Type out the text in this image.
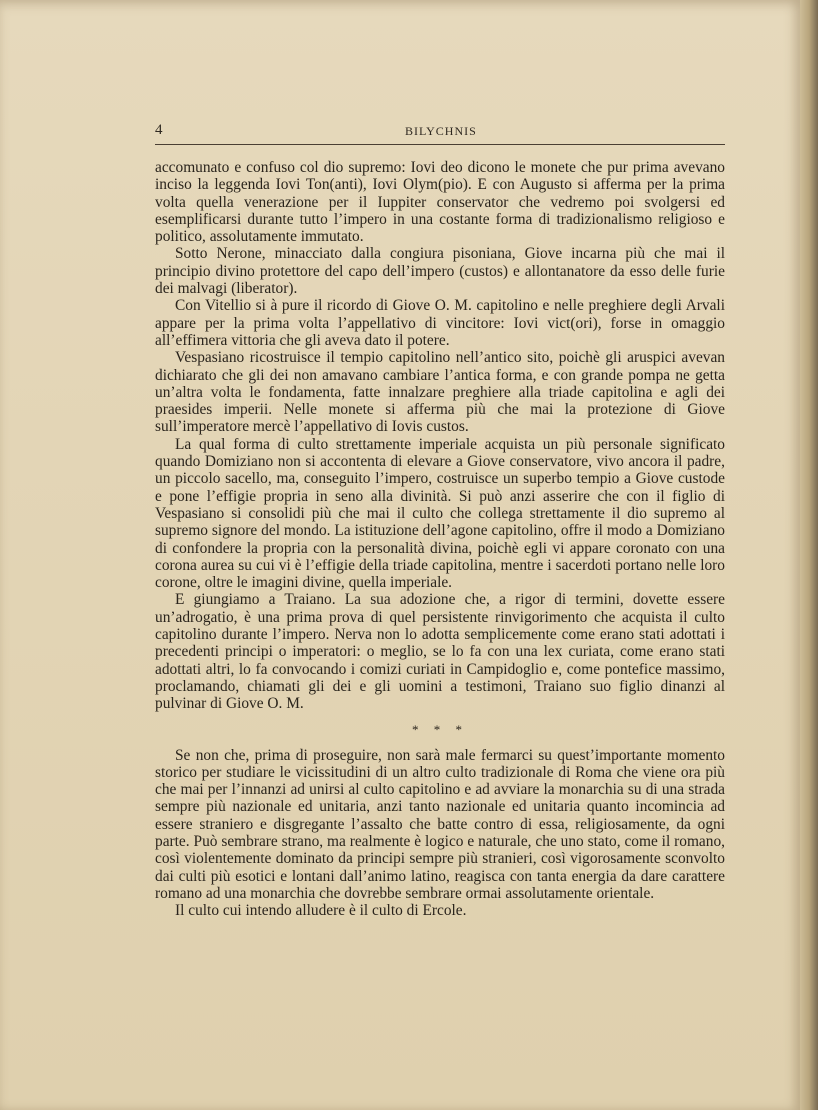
4	BILYCHNIS

accomunato e confuso col dio supremo: Iovi deo dicono le monete che pur prima avevano inciso la leggenda Iovi Ton(anti), Iovi Olym(pio). E con Augusto si afferma per la prima volta quella venerazione per il Iuppiter conservator che vedremo poi svolgersi ed esemplificarsi durante tutto l’impero in una costante forma di tradizionalismo religioso e politico, assolutamente immutato.

Sotto Nerone, minacciato dalla congiura pisoniana, Giove incarna più che mai il principio divino protettore del capo dell’impero (custos) e allontanatore da esso delle furie dei malvagi (liberator).

Con Vitellio si à pure il ricordo di Giove O. M. capitolino e nelle preghiere degli Arvali appare per la prima volta l’appellativo di vincitore: Iovi vict(ori), forse in omaggio all’effimera vittoria che gli aveva dato il potere.

Vespasiano ricostruisce il tempio capitolino nell’antico sito, poichè gli aruspici avevan dichiarato che gli dei non amavano cambiare l’antica forma, e con grande pompa ne getta un’altra volta le fondamenta, fatte innalzare preghiere alla triade capitolina e agli dei praesides imperii. Nelle monete si afferma più che mai la protezione di Giove sull’imperatore mercè l’appellativo di Iovis custos.

La qual forma di culto strettamente imperiale acquista un più personale significato quando Domiziano non si accontenta di elevare a Giove conservatore, vivo ancora il padre, un piccolo sacello, ma, conseguito l’impero, costruisce un superbo tempio a Giove custode e pone l’effigie propria in seno alla divinità. Si può anzi asserire che con il figlio di Vespasiano si consolidi più che mai il culto che collega strettamente il dio supremo al supremo signore del mondo. La istituzione dell’agone capitolino, offre il modo a Domiziano di confondere la propria con la personalità divina, poichè egli vi appare coronato con una corona aurea su cui vi è l’effigie della triade capitolina, mentre i sacerdoti portano nelle loro corone, oltre le imagini divine, quella imperiale.

E giungiamo a Traiano. La sua adozione che, a rigor di termini, dovette essere un’adrogatio, è una prima prova di quel persistente rinvigorimento che acquista il culto capitolino durante l’impero. Nerva non lo adotta semplicemente come erano stati adottati i precedenti principi o imperatori: o meglio, se lo fa con una lex curiata, come erano stati adottati altri, lo fa convocando i comizi curiati in Campidoglio e, come pontefice massimo, proclamando, chiamati gli dei e gli uomini a testimoni, Traiano suo figlio dinanzi al pulvinar di Giove O. M.

* * *

Se non che, prima di proseguire, non sarà male fermarci su quest’importante momento storico per studiare le vicissitudini di un altro culto tradizionale di Roma che viene ora più che mai per l’innanzi ad unirsi al culto capitolino e ad avviare la monarchia su di una strada sempre più nazionale ed unitaria, anzi tanto nazionale ed unitaria quanto incomincia ad essere straniero e disgregante l’assalto che batte contro di essa, religiosamente, da ogni parte. Può sembrare strano, ma realmente è logico e naturale, che uno stato, come il romano, così violentemente dominato da principi sempre più stranieri, così vigorosamente sconvolto dai culti più esotici e lontani dall’animo latino, reagisca con tanta energia da dare carattere romano ad una monarchia che dovrebbe sembrare ormai assolutamente orientale.

Il culto cui intendo alludere è il culto di Ercole.
